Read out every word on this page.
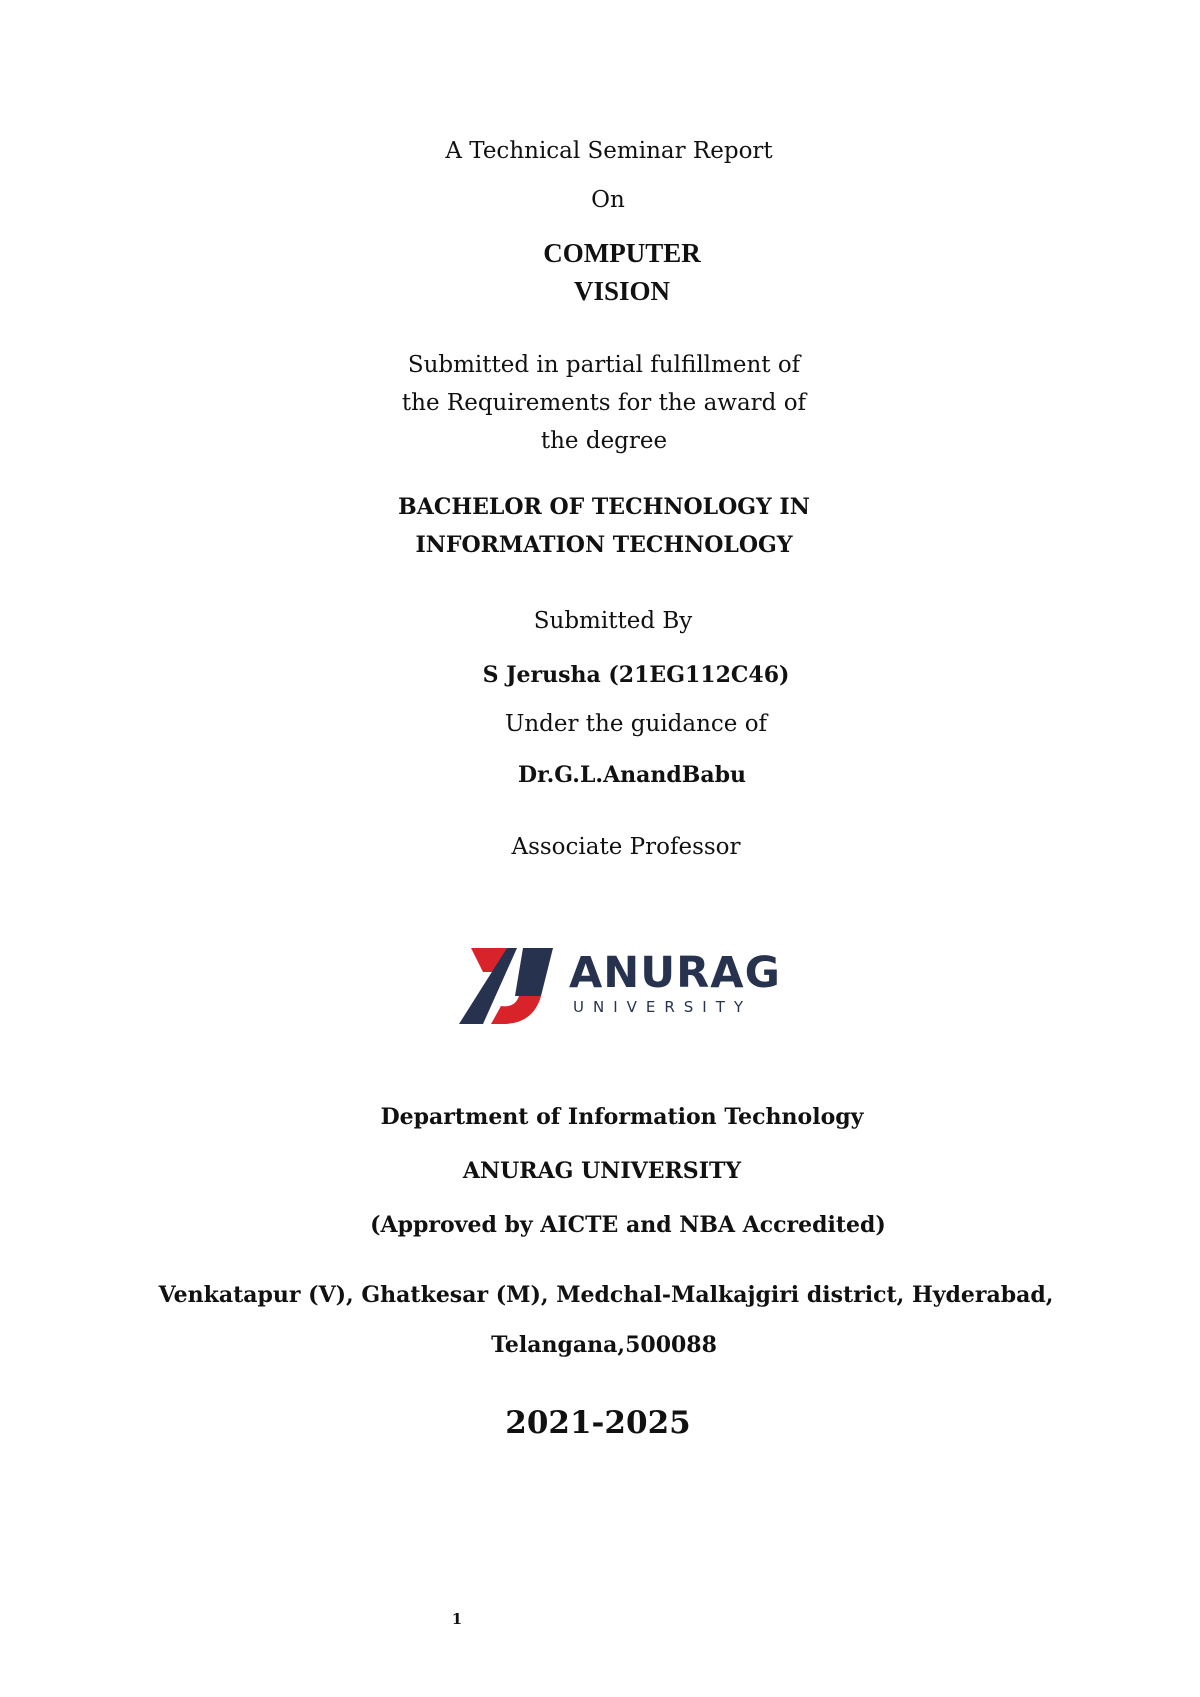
A Technical Seminar Report
On
COMPUTER
VISION
Submitted in partial fulfillment of
the Requirements for the award of
the degree
BACHELOR OF TECHNOLOGY IN
INFORMATION TECHNOLOGY
Submitted By
S Jerusha (21EG112C46)
Under the guidance of
Dr.G.L.AnandBabu
Associate Professor
ANURAG
UNIVERSITY
Department of Information Technology
ANURAG UNIVERSITY
(Approved by AICTE and NBA Accredited)
Venkatapur (V), Ghatkesar (M), Medchal-Malkajgiri district, Hyderabad,
Telangana,500088
2021-2025
1
